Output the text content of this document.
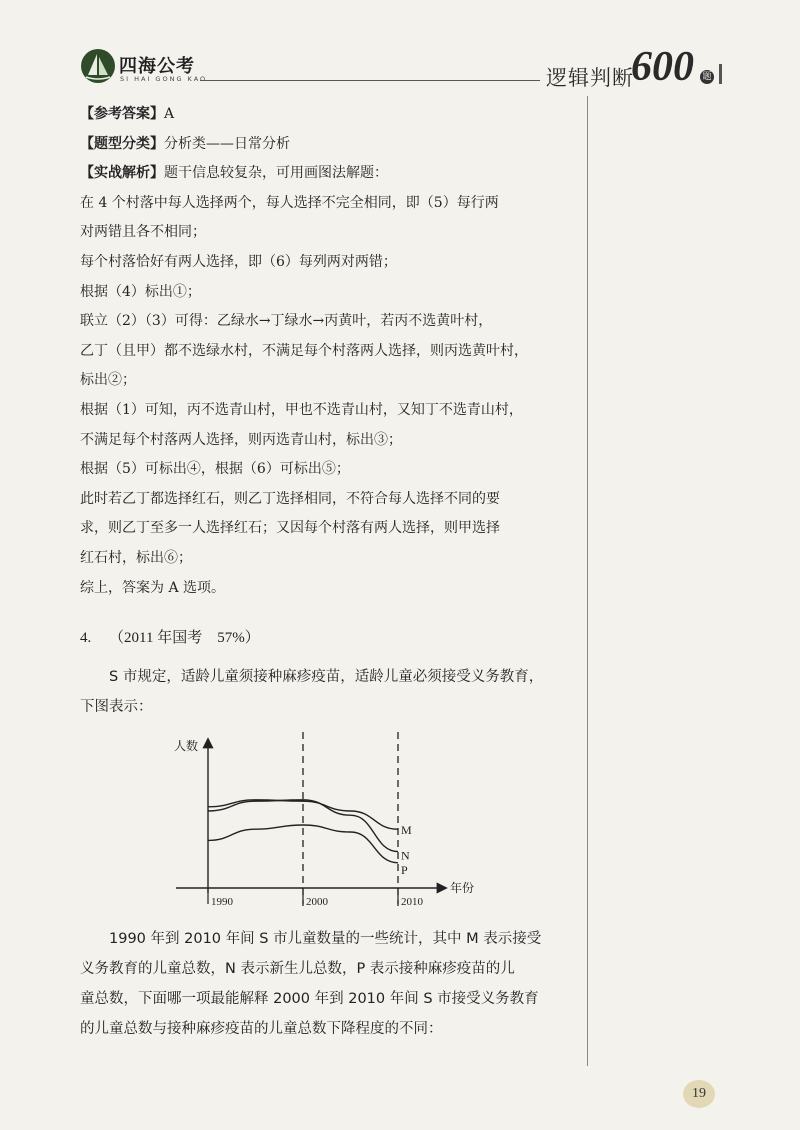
四海公考
SI HAI GONG KAO	逻辑判断
600 题
【参考答案】A
【题型分类】分析类——日常分析
【实战解析】题干信息较复杂，可用画图法解题：
在 4 个村落中每人选择两个，每人选择不完全相同，即（5）每行两
对两错且各不相同；
每个村落恰好有两人选择，即（6）每列两对两错；
根据（4）标出①；
联立（2）（3）可得：乙绿水→丁绿水→丙黄叶，若丙不选黄叶村，
乙丁（且甲）都不选绿水村，不满足每个村落两人选择，则丙选黄叶村，
标出②；
根据（1）可知，丙不选青山村，甲也不选青山村，又知丁不选青山村，
不满足每个村落两人选择，则丙选青山村，标出③；
根据（5）可标出④，根据（6）可标出⑤；
此时若乙丁都选择红石，则乙丁选择相同，不符合每人选择不同的要
求，则乙丁至多一人选择红石；又因每个村落有两人选择，则甲选择
红石村，标出⑥；
综上，答案为 A 选项。
4. （2011 年国考　57%）
　　S 市规定，适龄儿童须接种麻疹疫苗，适龄儿童必须接受义务教育，
下图表示：
人数
年份
1990	2000	2010
M
N
P
　　1990 年到 2010 年间 S 市儿童数量的一些统计，其中 M 表示接受
义务教育的儿童总数，N 表示新生儿总数，P 表示接种麻疹疫苗的儿
童总数，下面哪一项最能解释 2000 年到 2010 年间 S 市接受义务教育
的儿童总数与接种麻疹疫苗的儿童总数下降程度的不同：
19
